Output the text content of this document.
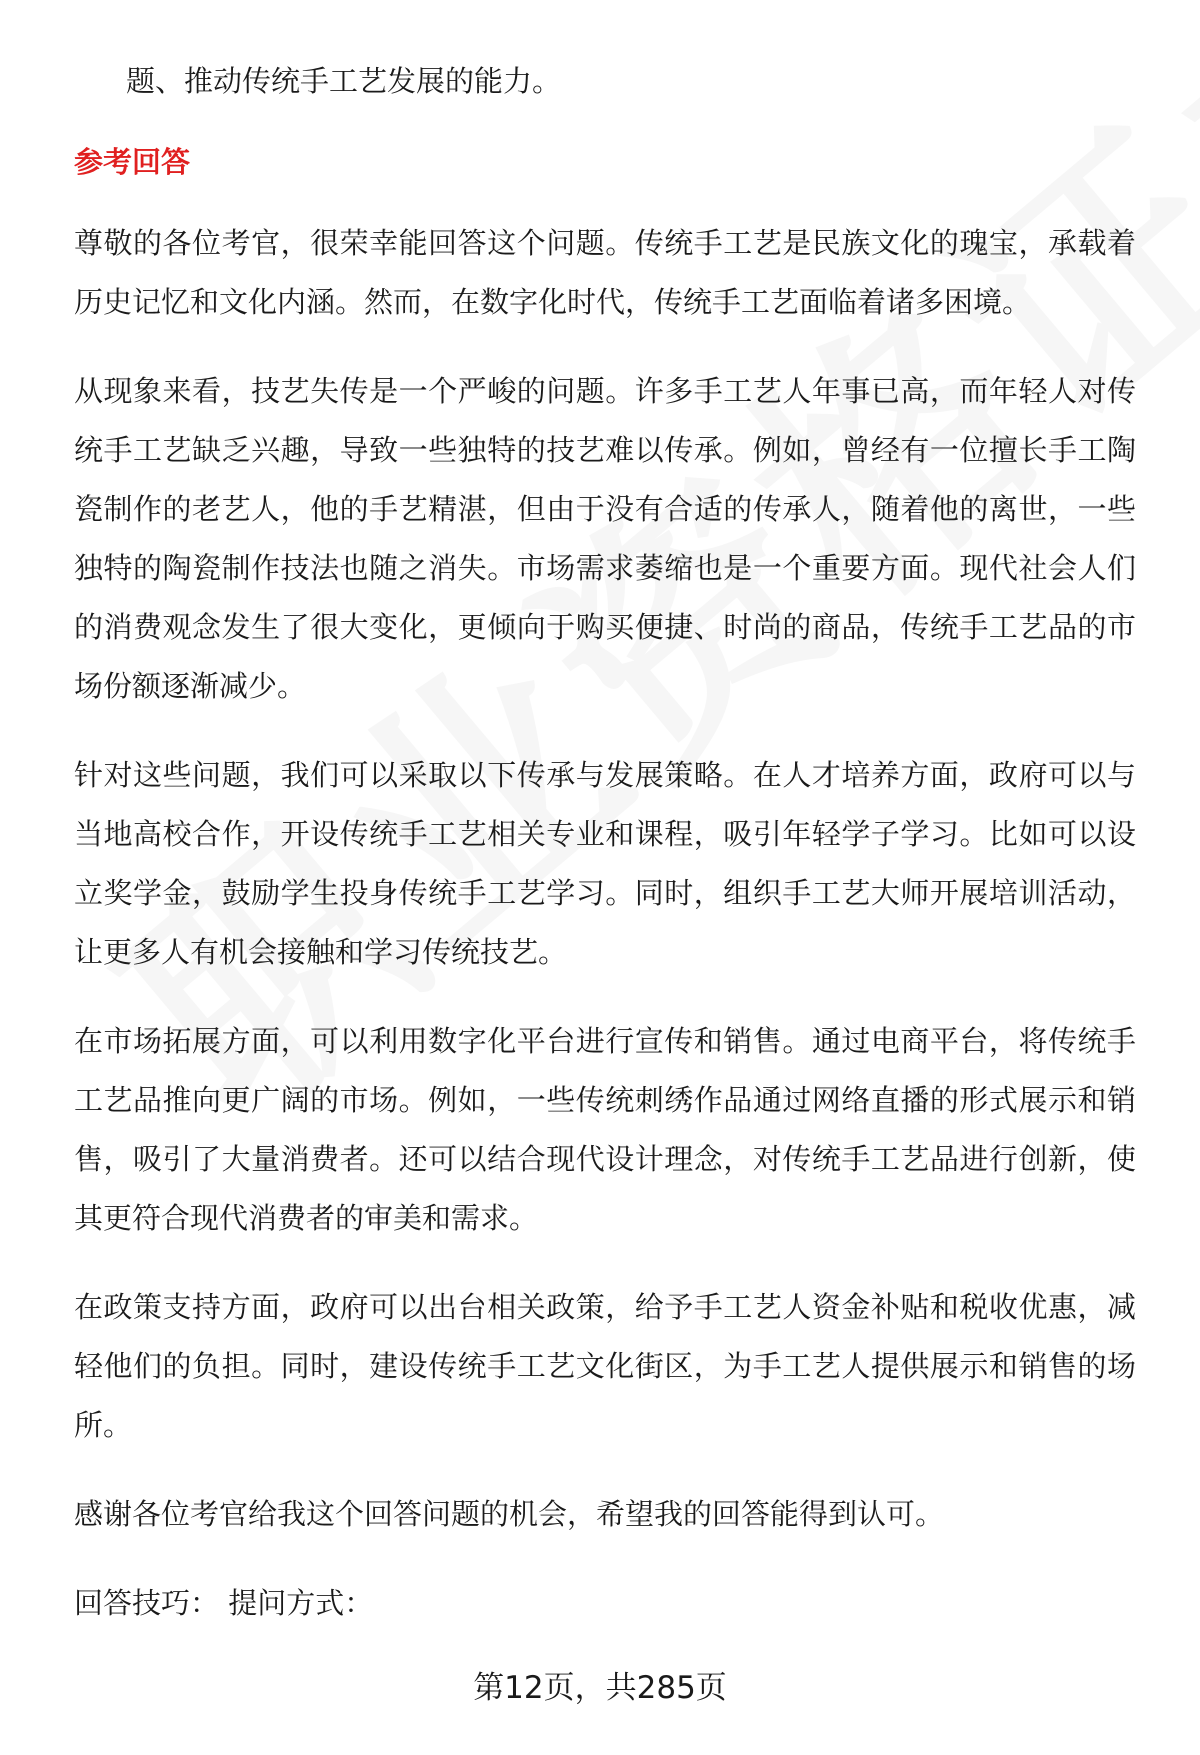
题、推动传统手工艺发展的能力。

参考回答

尊敬的各位考官，很荣幸能回答这个问题。传统手工艺是民族文化的瑰宝，承载着历史记忆和文化内涵。然而，在数字化时代，传统手工艺面临着诸多困境。

从现象来看，技艺失传是一个严峻的问题。许多手工艺人年事已高，而年轻人对传统手工艺缺乏兴趣，导致一些独特的技艺难以传承。例如，曾经有一位擅长手工陶瓷制作的老艺人，他的手艺精湛，但由于没有合适的传承人，随着他的离世，一些独特的陶瓷制作技法也随之消失。市场需求萎缩也是一个重要方面。现代社会人们的消费观念发生了很大变化，更倾向于购买便捷、时尚的商品，传统手工艺品的市场份额逐渐减少。

针对这些问题，我们可以采取以下传承与发展策略。在人才培养方面，政府可以与当地高校合作，开设传统手工艺相关专业和课程，吸引年轻学子学习。比如可以设立奖学金，鼓励学生投身传统手工艺学习。同时，组织手工艺大师开展培训活动，让更多人有机会接触和学习传统技艺。

在市场拓展方面，可以利用数字化平台进行宣传和销售。通过电商平台，将传统手工艺品推向更广阔的市场。例如，一些传统刺绣作品通过网络直播的形式展示和销售，吸引了大量消费者。还可以结合现代设计理念，对传统手工艺品进行创新，使其更符合现代消费者的审美和需求。

在政策支持方面，政府可以出台相关政策，给予手工艺人资金补贴和税收优惠，减轻他们的负担。同时，建设传统手工艺文化街区，为手工艺人提供展示和销售的场所。

感谢各位考官给我这个回答问题的机会，希望我的回答能得到认可。

回答技巧： 提问方式：

第12页，共285页
